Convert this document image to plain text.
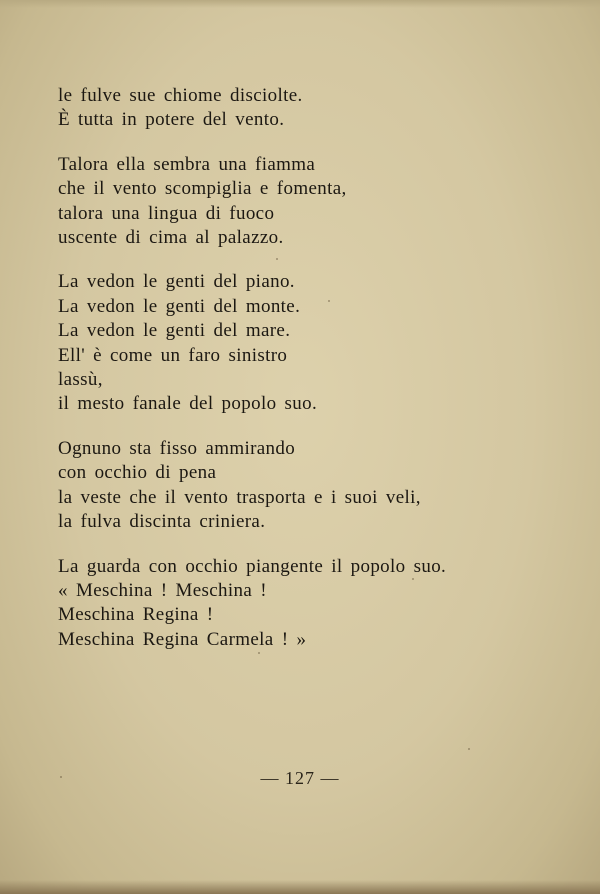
le fulve sue chiome disciolte.
È tutta in potere del vento.
Talora ella sembra una fiamma
che il vento scompiglia e fomenta,
talora una lingua di fuoco
uscente di cima al palazzo.
La vedon le genti del piano.
La vedon le genti del monte.
La vedon le genti del mare.
Ell' è come un faro sinistro
lassù,
il mesto fanale del popolo suo.
Ognuno sta fisso ammirando
con occhio di pena
la veste che il vento trasporta e i suoi veli,
la fulva discinta criniera.
La guarda con occhio piangente il popolo suo.
« Meschina ! Meschina !
Meschina Regina !
Meschina Regina Carmela ! »
— 127 —
